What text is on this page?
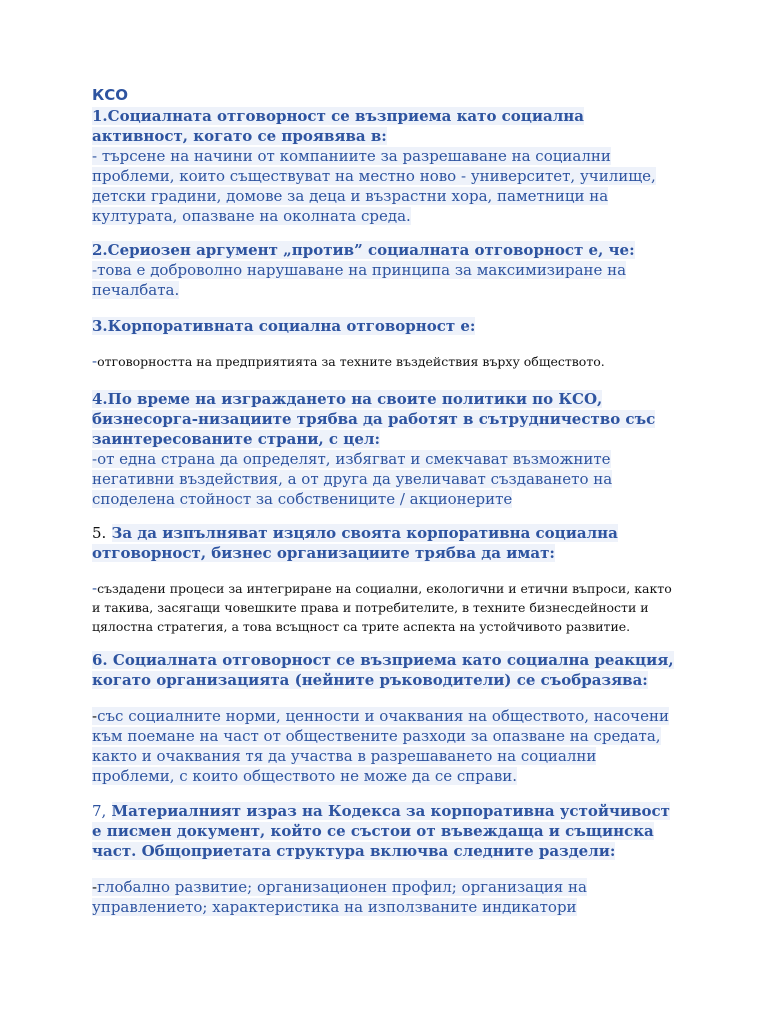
КСО

1.Социалната отговорност се възприема като социална активност, когато се проявява в:

- търсене на начини от компаниите за разрешаване на социални проблеми, които съществуват на местно ново - университет, училище, детски градини, домове за деца и възрастни хора, паметници на културата, опазване на околната среда.

2.Сериозен аргумент „против” социалната отговорност е, че:

-това е доброволно нарушаване на принципа за максимизиране на печалбата.

3.Корпоративната социална отговорност е:

-отговорността на предприятията за техните въздействия върху обществото.

4.По време на изграждането на своите политики по КСО, бизнесорга-низациите трябва да работят в сътрудничество със заинтересованите страни, с цел:

-от една страна да определят, избягват и смекчават възможните негативни въздействия, а от друга да увеличават създаването на споделена стойност за собствениците / акционерите

5. За да изпълняват изцяло своята корпоративна социална отговорност, бизнес организациите трябва да имат:

-създадени процеси за интегриране на социални, екологични и етични въпроси, както и такива, засягащи човешките права и потребителите, в техните бизнесдейности и цялостна стратегия, а това всъщност са трите аспекта на устойчивото развитие.

6. Социалната отговорност се възприема като социална реакция, когато организацията (нейните ръководители) се съобразява:

-със социалните норми, ценности и очаквания на обществото, насочени към поемане на част от обществените разходи за опазване на средата, както и очаквания тя да участва в разрешаването на социални проблеми, с които обществото не може да се справи.

7, Материалният израз на Кодекса за корпоративна устойчивост е писмен документ, който се състои от въвеждаща и същинска част. Общоприетата структура включва следните раздели:

-глобално развитие; организационен профил; организация на управлението; характеристика на използваните индикатори
